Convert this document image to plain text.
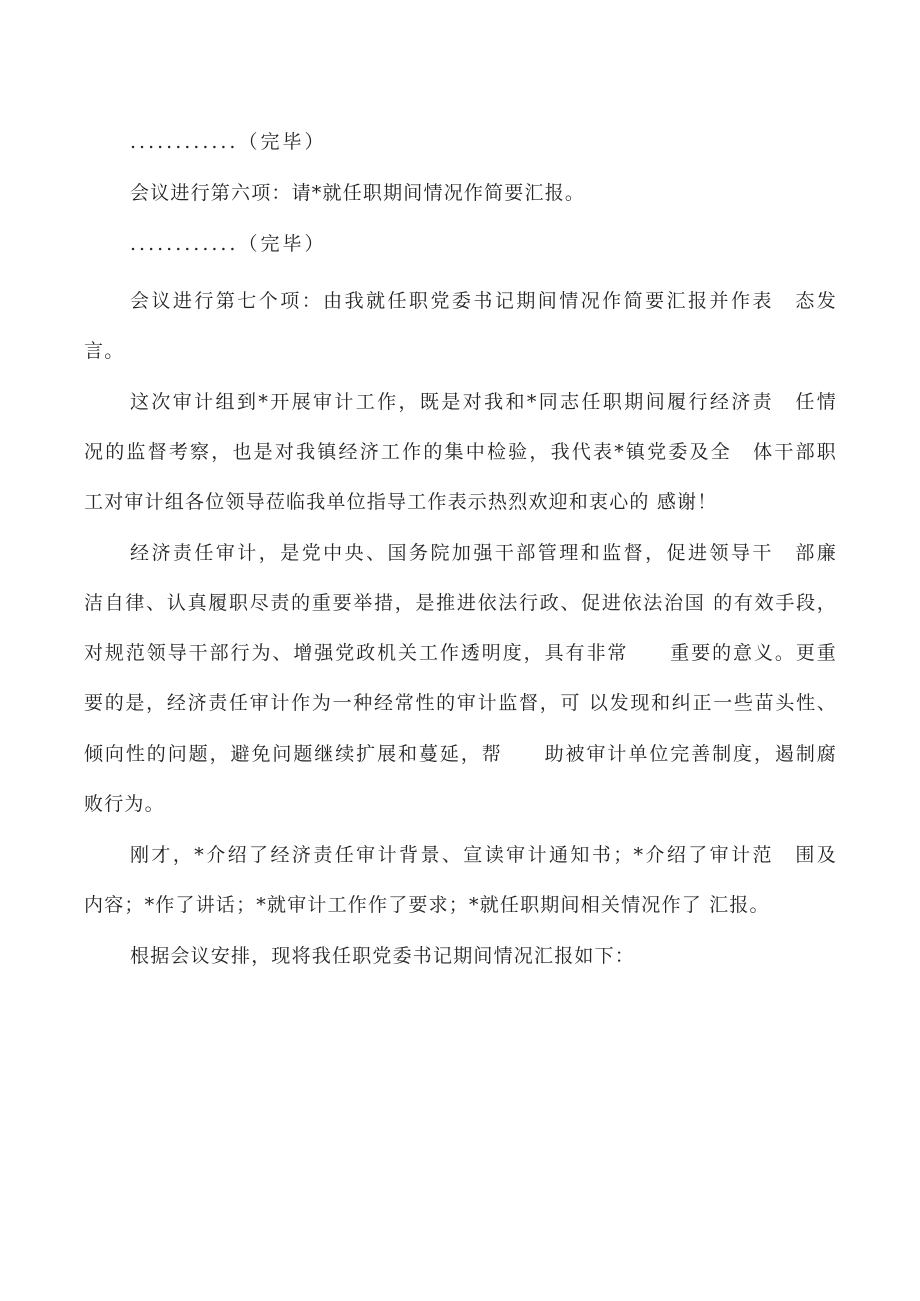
............（完毕）
会议进行第六项：请*就任职期间情况作简要汇报。
............（完毕）
会议进行第七个项：由我就任职党委书记期间情况作简要汇报并作表　态发
言。
这次审计组到*开展审计工作，既是对我和*同志任职期间履行经济责　任情
况的监督考察，也是对我镇经济工作的集中检验，我代表*镇党委及全　体干部职
工对审计组各位领导莅临我单位指导工作表示热烈欢迎和衷心的 感谢！
经济责任审计，是党中央、国务院加强干部管理和监督，促进领导干　部廉
洁自律、认真履职尽责的重要举措，是推进依法行政、促进依法治国 的有效手段，
对规范领导干部行为、增强党政机关工作透明度，具有非常　　重要的意义。更重
要的是，经济责任审计作为一种经常性的审计监督，可 以发现和纠正一些苗头性、
倾向性的问题，避免问题继续扩展和蔓延，帮　　助被审计单位完善制度，遏制腐
败行为。
刚才，*介绍了经济责任审计背景、宣读审计通知书；*介绍了审计范　围及
内容；*作了讲话；*就审计工作作了要求；*就任职期间相关情况作了 汇报。
根据会议安排，现将我任职党委书记期间情况汇报如下：
